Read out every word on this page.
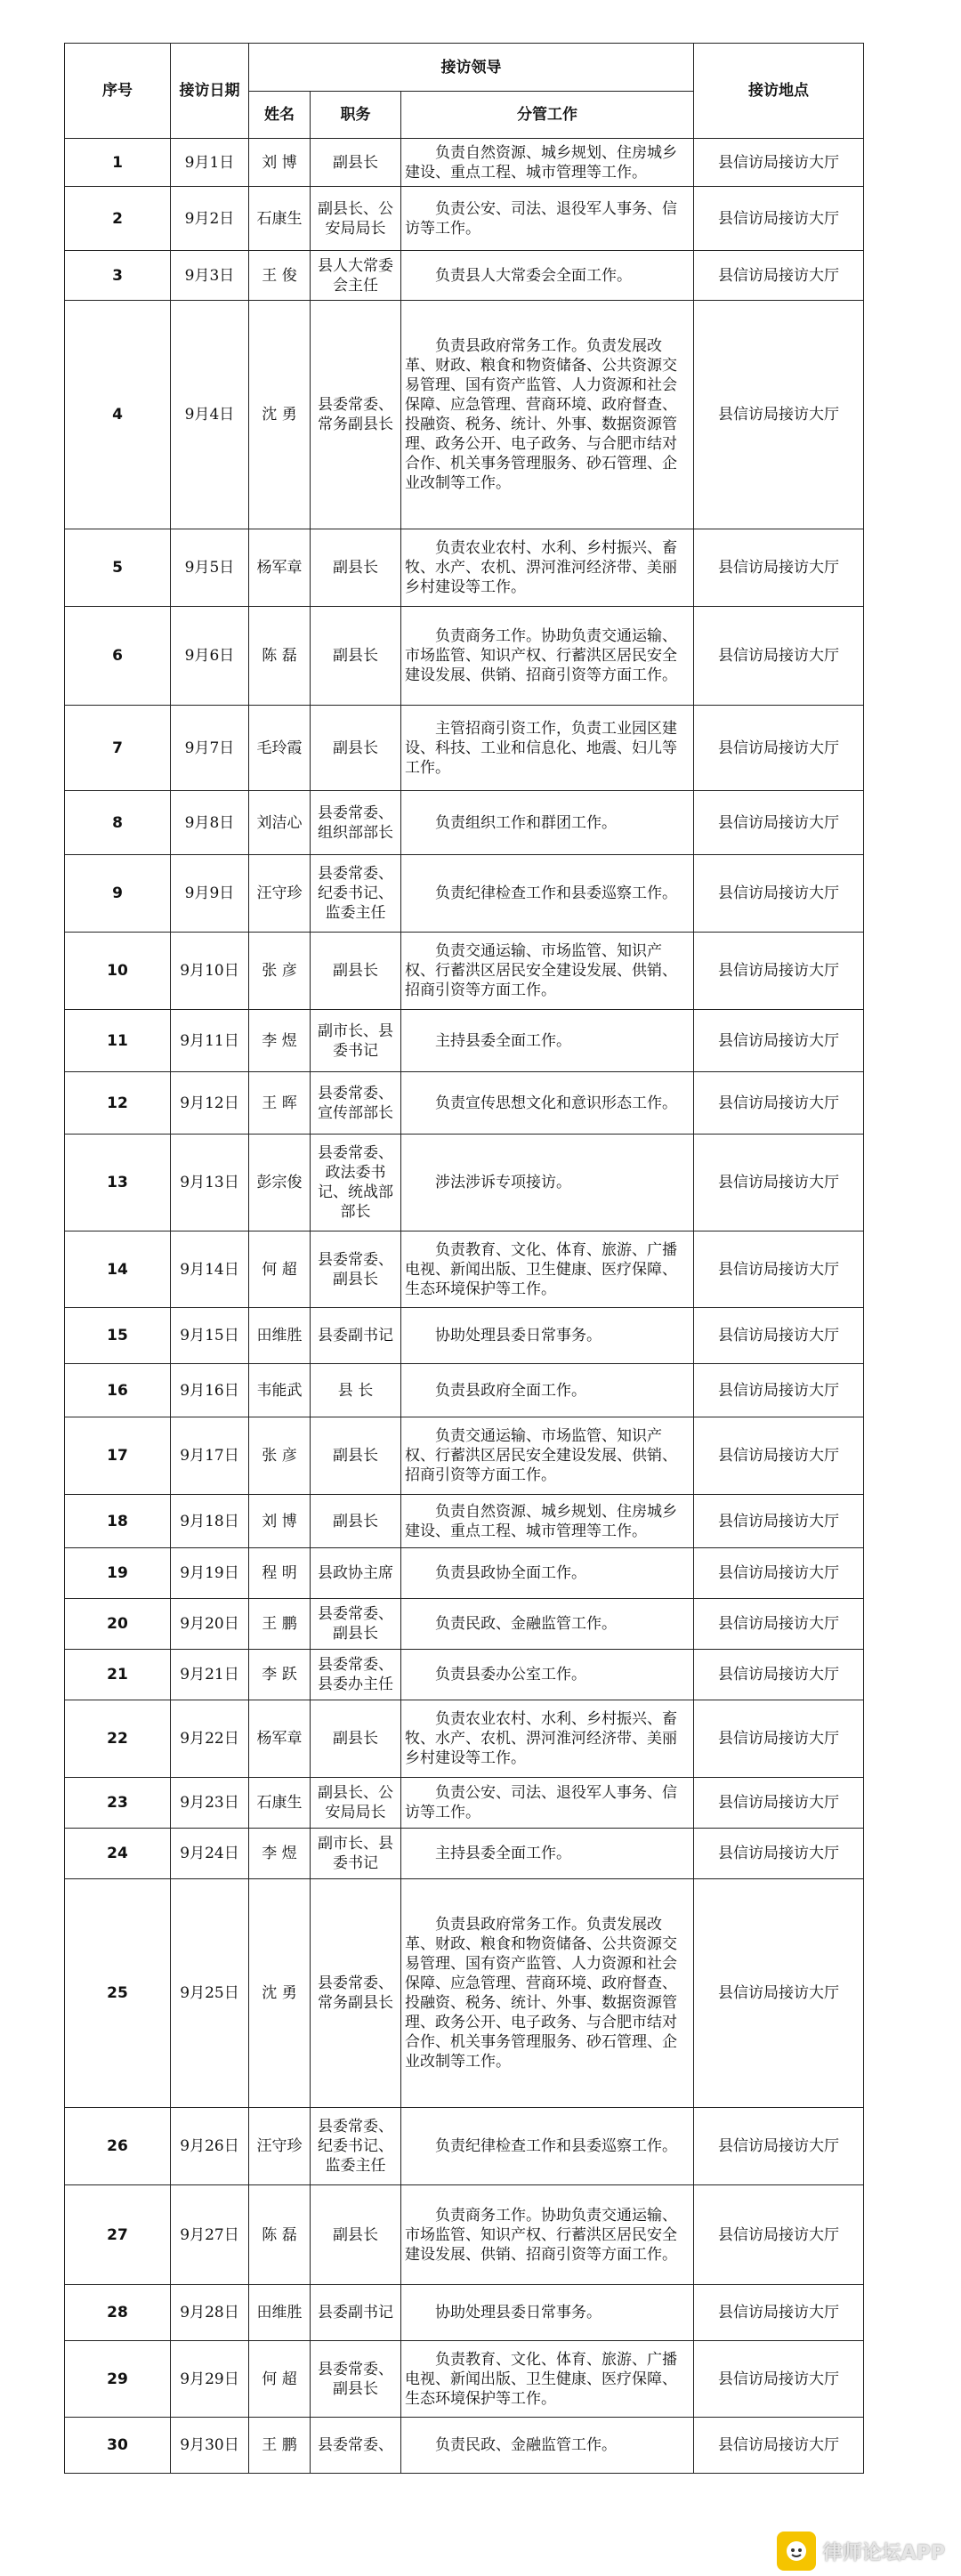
序号	接访日期	接访领导			接访地点
		姓名	职务	分管工作	
1	9月1日	刘 博	副县长	负责自然资源、城乡规划、住房城乡建设、重点工程、城市管理等工作。	县信访局接访大厅
2	9月2日	石康生	副县长、公安局局长	负责公安、司法、退役军人事务、信访等工作。	县信访局接访大厅
3	9月3日	王 俊	县人大常委会主任	负责县人大常委会全面工作。	县信访局接访大厅
4	9月4日	沈 勇	县委常委、常务副县长	负责县政府常务工作。负责发展改革、财政、粮食和物资储备、公共资源交易管理、国有资产监管、人力资源和社会保障、应急管理、营商环境、政府督查、投融资、税务、统计、外事、数据资源管理、政务公开、电子政务、与合肥市结对合作、机关事务管理服务、砂石管理、企业改制等工作。	县信访局接访大厅
5	9月5日	杨军章	副县长	负责农业农村、水利、乡村振兴、畜牧、水产、农机、淠河淮河经济带、美丽乡村建设等工作。	县信访局接访大厅
6	9月6日	陈 磊	副县长	负责商务工作。协助负责交通运输、市场监管、知识产权、行蓄洪区居民安全建设发展、供销、招商引资等方面工作。	县信访局接访大厅
7	9月7日	毛玲霞	副县长	主管招商引资工作，负责工业园区建设、科技、工业和信息化、地震、妇儿等工作。	县信访局接访大厅
8	9月8日	刘洁心	县委常委、组织部部长	负责组织工作和群团工作。	县信访局接访大厅
9	9月9日	汪守珍	县委常委、纪委书记、监委主任	负责纪律检查工作和县委巡察工作。	县信访局接访大厅
10	9月10日	张 彦	副县长	负责交通运输、市场监管、知识产权、行蓄洪区居民安全建设发展、供销、招商引资等方面工作。	县信访局接访大厅
11	9月11日	李 煜	副市长、县委书记	主持县委全面工作。	县信访局接访大厅
12	9月12日	王 晖	县委常委、宣传部部长	负责宣传思想文化和意识形态工作。	县信访局接访大厅
13	9月13日	彭宗俊	县委常委、政法委书记、统战部部长	涉法涉诉专项接访。	县信访局接访大厅
14	9月14日	何 超	县委常委、副县长	负责教育、文化、体育、旅游、广播电视、新闻出版、卫生健康、医疗保障、生态环境保护等工作。	县信访局接访大厅
15	9月15日	田维胜	县委副书记	协助处理县委日常事务。	县信访局接访大厅
16	9月16日	韦能武	县 长	负责县政府全面工作。	县信访局接访大厅
17	9月17日	张 彦	副县长	负责交通运输、市场监管、知识产权、行蓄洪区居民安全建设发展、供销、招商引资等方面工作。	县信访局接访大厅
18	9月18日	刘 博	副县长	负责自然资源、城乡规划、住房城乡建设、重点工程、城市管理等工作。	县信访局接访大厅
19	9月19日	程 明	县政协主席	负责县政协全面工作。	县信访局接访大厅
20	9月20日	王 鹏	县委常委、副县长	负责民政、金融监管工作。	县信访局接访大厅
21	9月21日	李 跃	县委常委、县委办主任	负责县委办公室工作。	县信访局接访大厅
22	9月22日	杨军章	副县长	负责农业农村、水利、乡村振兴、畜牧、水产、农机、淠河淮河经济带、美丽乡村建设等工作。	县信访局接访大厅
23	9月23日	石康生	副县长、公安局局长	负责公安、司法、退役军人事务、信访等工作。	县信访局接访大厅
24	9月24日	李 煜	副市长、县委书记	主持县委全面工作。	县信访局接访大厅
25	9月25日	沈 勇	县委常委、常务副县长	负责县政府常务工作。负责发展改革、财政、粮食和物资储备、公共资源交易管理、国有资产监管、人力资源和社会保障、应急管理、营商环境、政府督查、投融资、税务、统计、外事、数据资源管理、政务公开、电子政务、与合肥市结对合作、机关事务管理服务、砂石管理、企业改制等工作。	县信访局接访大厅
26	9月26日	汪守珍	县委常委、纪委书记、监委主任	负责纪律检查工作和县委巡察工作。	县信访局接访大厅
27	9月27日	陈 磊	副县长	负责商务工作。协助负责交通运输、市场监管、知识产权、行蓄洪区居民安全建设发展、供销、招商引资等方面工作。	县信访局接访大厅
28	9月28日	田维胜	县委副书记	协助处理县委日常事务。	县信访局接访大厅
29	9月29日	何 超	县委常委、副县长	负责教育、文化、体育、旅游、广播电视、新闻出版、卫生健康、医疗保障、生态环境保护等工作。	县信访局接访大厅
30	9月30日	王 鹏	县委常委、	负责民政、金融监管工作。	县信访局接访大厅
律师论坛APP
